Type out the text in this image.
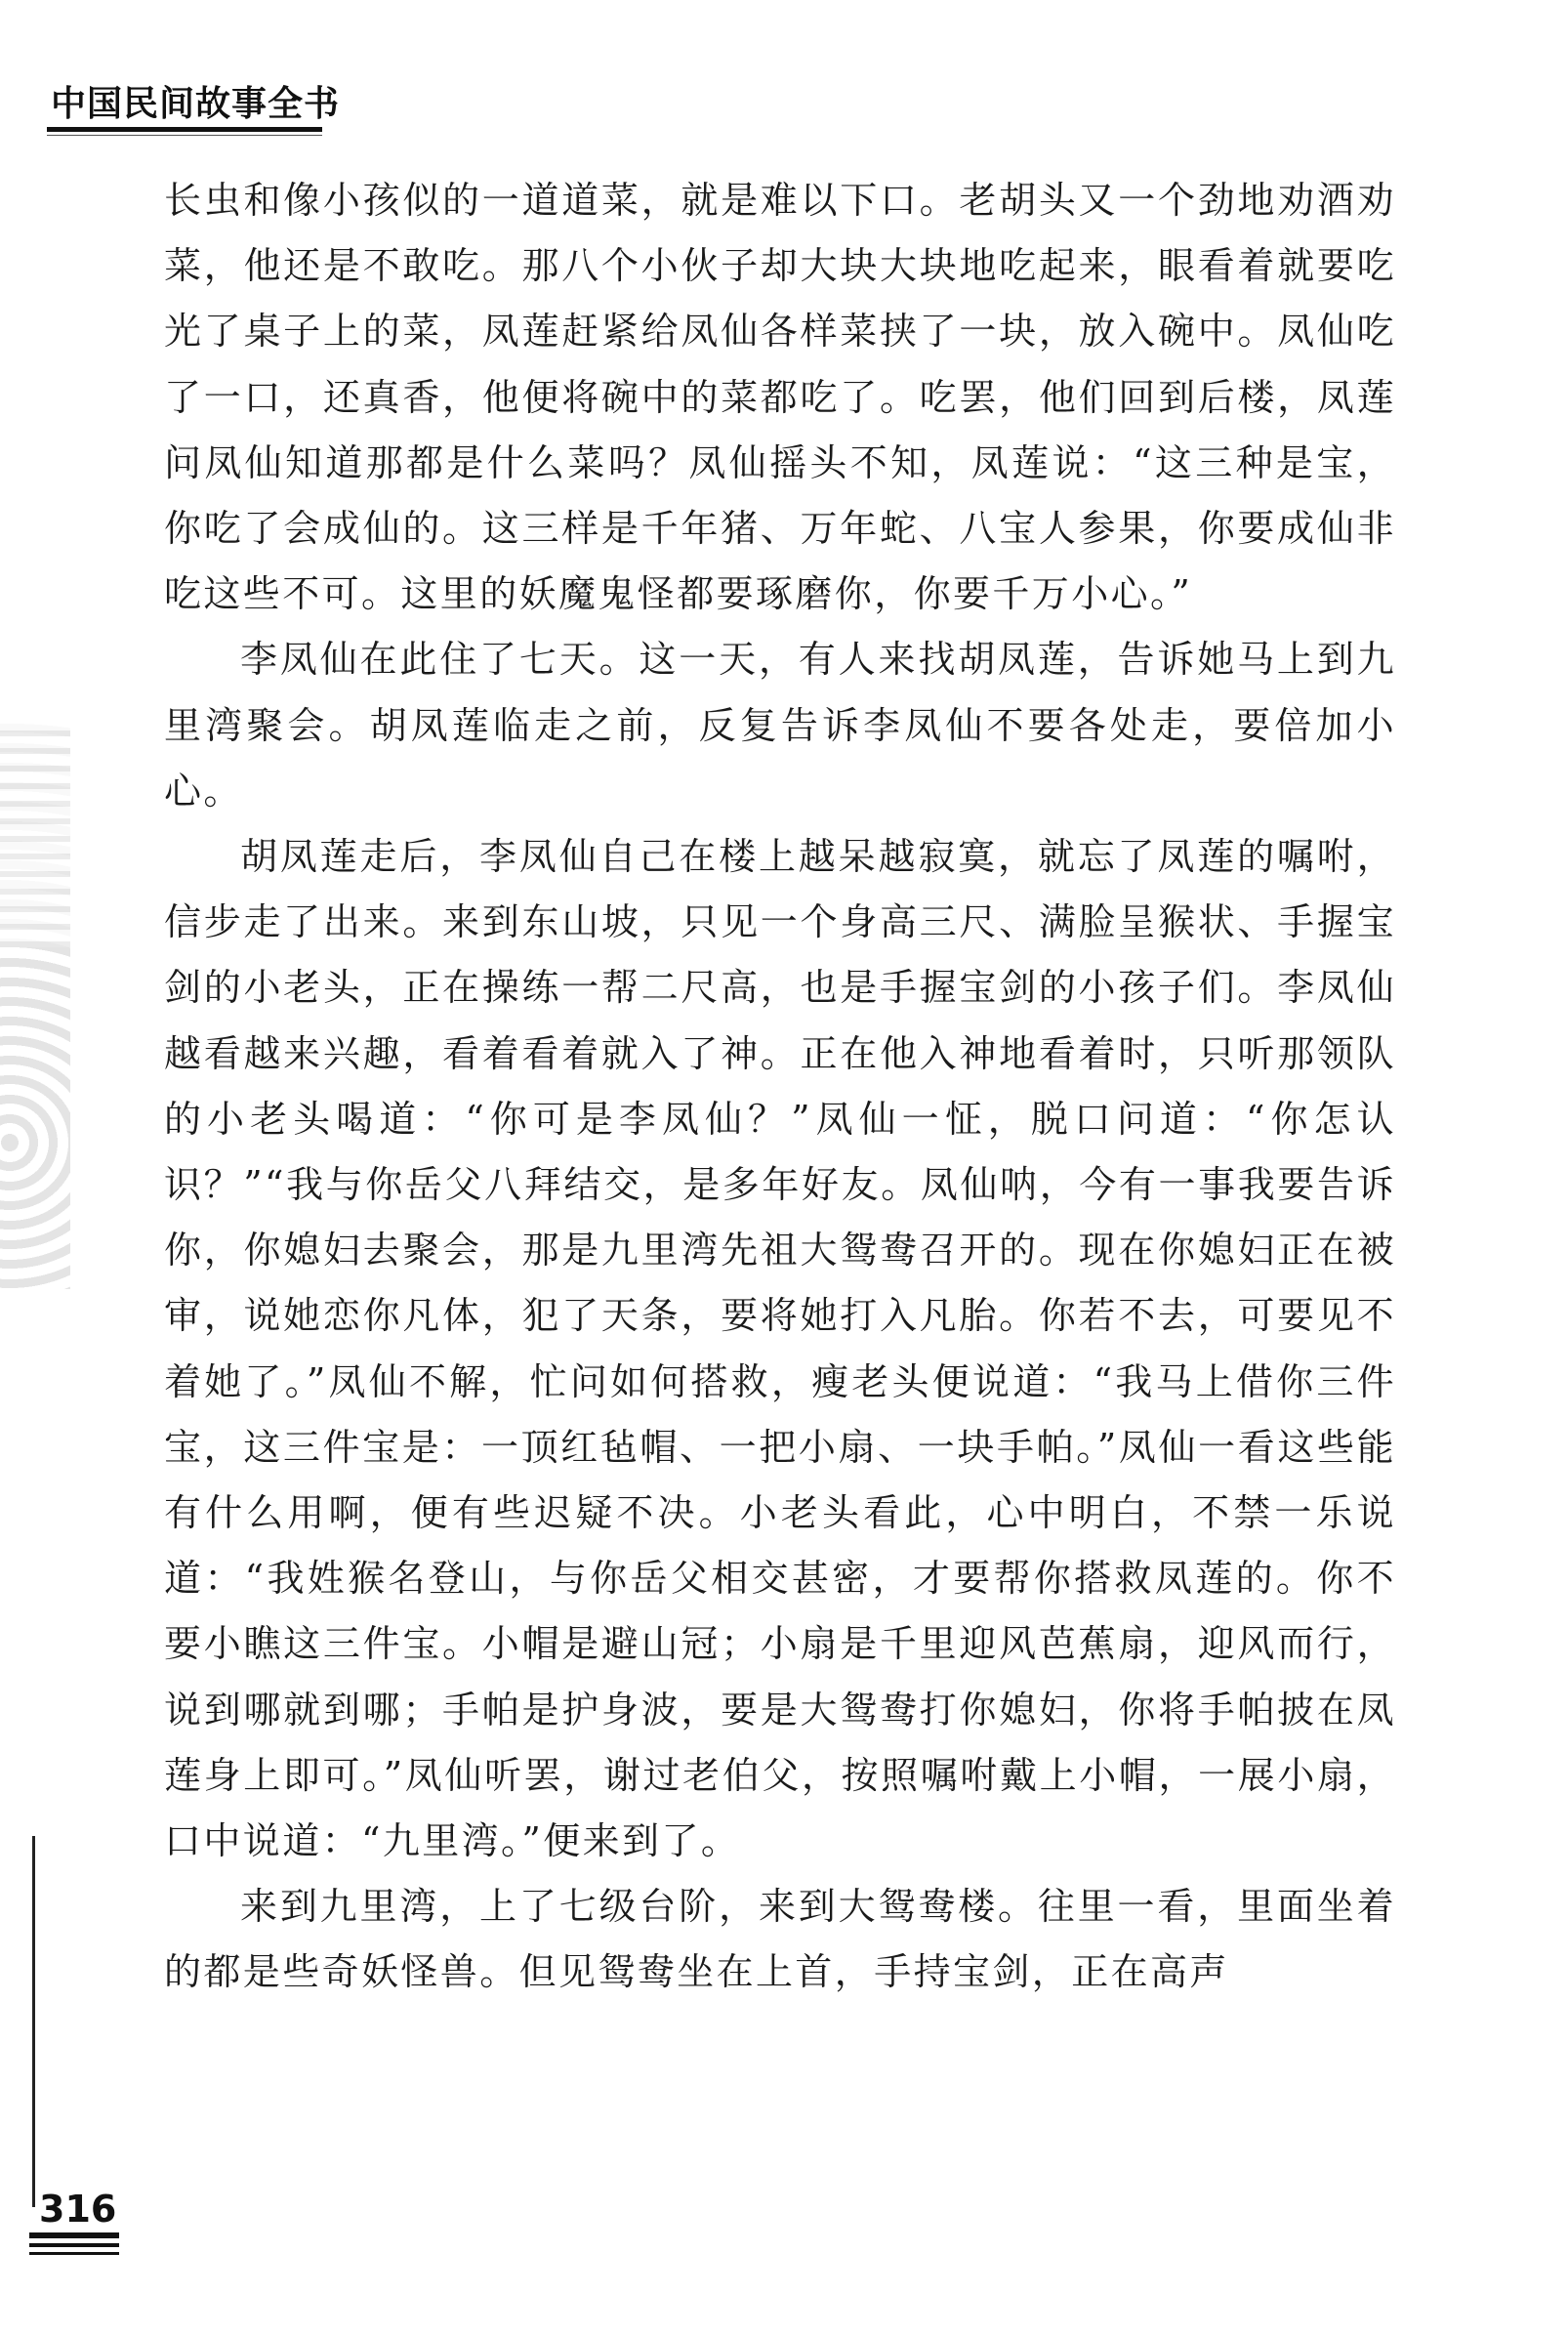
中国民间故事全书

长虫和像小孩似的一道道菜，就是难以下口。老胡头又一个劲地劝酒劝菜，他还是不敢吃。那八个小伙子却大块大块地吃起来，眼看着就要吃光了桌子上的菜，凤莲赶紧给凤仙各样菜挟了一块，放入碗中。凤仙吃了一口，还真香，他便将碗中的菜都吃了。吃罢，他们回到后楼，凤莲问凤仙知道那都是什么菜吗？凤仙摇头不知，凤莲说：“这三种是宝，你吃了会成仙的。这三样是千年猪、万年蛇、八宝人参果，你要成仙非吃这些不可。这里的妖魔鬼怪都要琢磨你，你要千万小心。”

李凤仙在此住了七天。这一天，有人来找胡凤莲，告诉她马上到九里湾聚会。胡凤莲临走之前，反复告诉李凤仙不要各处走，要倍加小心。

胡凤莲走后，李凤仙自己在楼上越呆越寂寞，就忘了凤莲的嘱咐，信步走了出来。来到东山坡，只见一个身高三尺、满脸呈猴状、手握宝剑的小老头，正在操练一帮二尺高，也是手握宝剑的小孩子们。李凤仙越看越来兴趣，看着看着就入了神。正在他入神地看着时，只听那领队的小老头喝道：“你可是李凤仙？”凤仙一怔，脱口问道：“你怎认识？”“我与你岳父八拜结交，是多年好友。凤仙呐，今有一事我要告诉你，你媳妇去聚会，那是九里湾先祖大鸳鸯召开的。现在你媳妇正在被审，说她恋你凡体，犯了天条，要将她打入凡胎。你若不去，可要见不着她了。”凤仙不解，忙问如何搭救，瘦老头便说道：“我马上借你三件宝，这三件宝是：一顶红毡帽、一把小扇、一块手帕。”凤仙一看这些能有什么用啊，便有些迟疑不决。小老头看此，心中明白，不禁一乐说道：“我姓猴名登山，与你岳父相交甚密，才要帮你搭救凤莲的。你不要小瞧这三件宝。小帽是避山冠；小扇是千里迎风芭蕉扇，迎风而行，说到哪就到哪；手帕是护身波，要是大鸳鸯打你媳妇，你将手帕披在凤莲身上即可。”凤仙听罢，谢过老伯父，按照嘱咐戴上小帽，一展小扇，口中说道：“九里湾。”便来到了。

来到九里湾，上了七级台阶，来到大鸳鸯楼。往里一看，里面坐着的都是些奇妖怪兽。但见鸳鸯坐在上首，手持宝剑，正在高声

316
